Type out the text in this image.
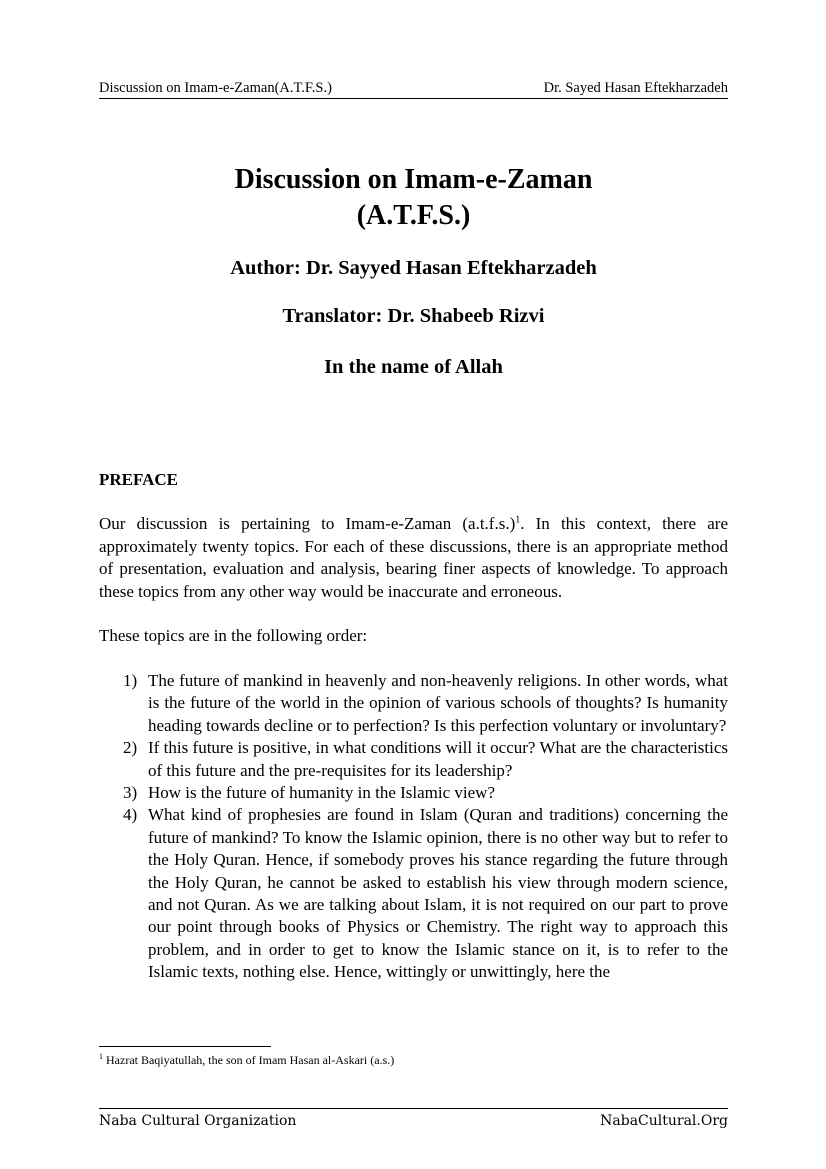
Discussion on Imam-e-Zaman(A.T.F.S.)	Dr. Sayed Hasan Eftekharzadeh
Discussion on Imam-e-Zaman
(A.T.F.S.)

Author: Dr. Sayyed Hasan Eftekharzadeh

Translator: Dr. Shabeeb Rizvi

In the name of Allah

PREFACE

Our discussion is pertaining to Imam-e-Zaman $(a.t.f.s.)^1$. In this context, there are approximately twenty topics. For each of these discussions, there is an appropriate method of presentation, evaluation and analysis, bearing finer aspects of knowledge. To approach these topics from any other way would be inaccurate and erroneous.

These topics are in the following order:

1) The future of mankind in heavenly and non-heavenly religions. In other words, what is the future of the world in the opinion of various schools of thoughts? Is humanity heading towards decline or to perfection? Is this perfection voluntary or involuntary?
2) If this future is positive, in what conditions will it occur? What are the characteristics of this future and the pre-requisites for its leadership?
3) How is the future of humanity in the Islamic view?
4) What kind of prophesies are found in Islam (Quran and traditions) concerning the future of mankind? To know the Islamic opinion, there is no other way but to refer to the Holy Quran. Hence, if somebody proves his stance regarding the future through the Holy Quran, he cannot be asked to establish his view through modern science, and not Quran. As we are talking about Islam, it is not required on our part to prove our point through books of Physics or Chemistry. The right way to approach this problem, and in order to get to know the Islamic stance on it, is to refer to the Islamic texts, nothing else. Hence, wittingly or unwittingly, here the

$^1$ Hazrat Baqiyatullah, the son of Imam Hasan al-Askari (a.s.)

Naba Cultural Organization	NabaCultural.Org
